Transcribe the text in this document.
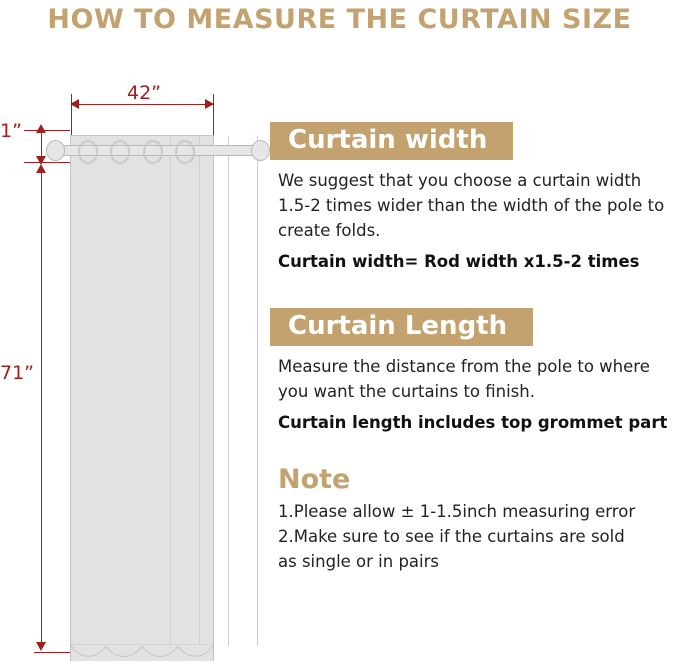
HOW TO MEASURE THE CURTAIN SIZE
42”
1”
71”
Curtain width

We suggest that you choose a curtain width 1.5-2 times wider than the width of the pole to create folds.

Curtain width= Rod width x1.5-2 times
Curtain Length

Measure the distance from the pole to where you want the curtains to finish.

Curtain length includes top grommet part
Note
1.Please allow ± 1-1.5inch measuring error
2.Make sure to see if the curtains are sold
as single or in pairs
